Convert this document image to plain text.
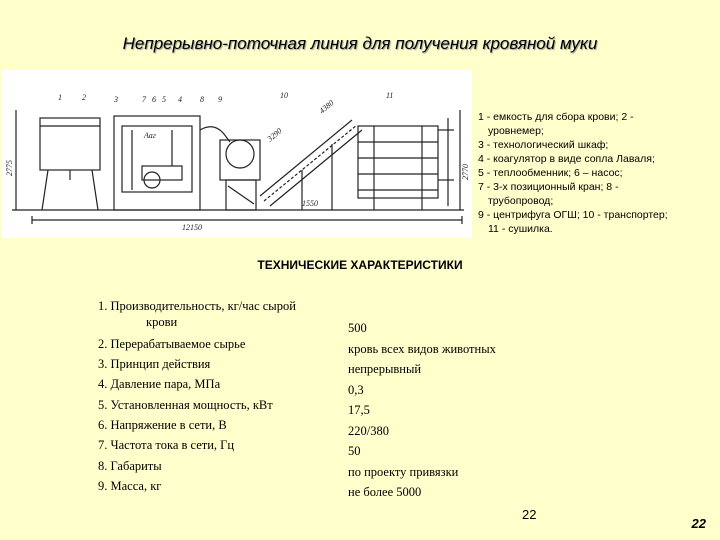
Непрерывно-поточная линия для получения кровяной муки
1	2	3	7 6 5 4 8 9	10	11
12150
2775
3290
4380
1550
2770
Ааг
1 - емкость для сбора крови; 2 -
уровнемер;
3 - технологический шкаф;
4 - коагулятор в виде сопла Лаваля;
5 - теплообменник; 6 – насос;
7 - 3-х позиционный кран; 8 -
трубопровод;
9 - центрифуга ОГШ; 10 - транспортер;
11 - сушилка.
ТЕХНИЧЕСКИЕ ХАРАКТЕРИСТИКИ
1. Производительность, кг/час сырой
крови	500
2. Перерабатываемое сырье	кровь всех видов животных
3. Принцип действия	непрерывный
4. Давление пара, МПа	0,3
5. Установленная мощность, кВт	17,5
6. Напряжение в сети, В	220/380
7. Частота тока в сети, Гц	50
8. Габариты	по проекту привязки
9. Масса, кг	не более 5000
22
22
